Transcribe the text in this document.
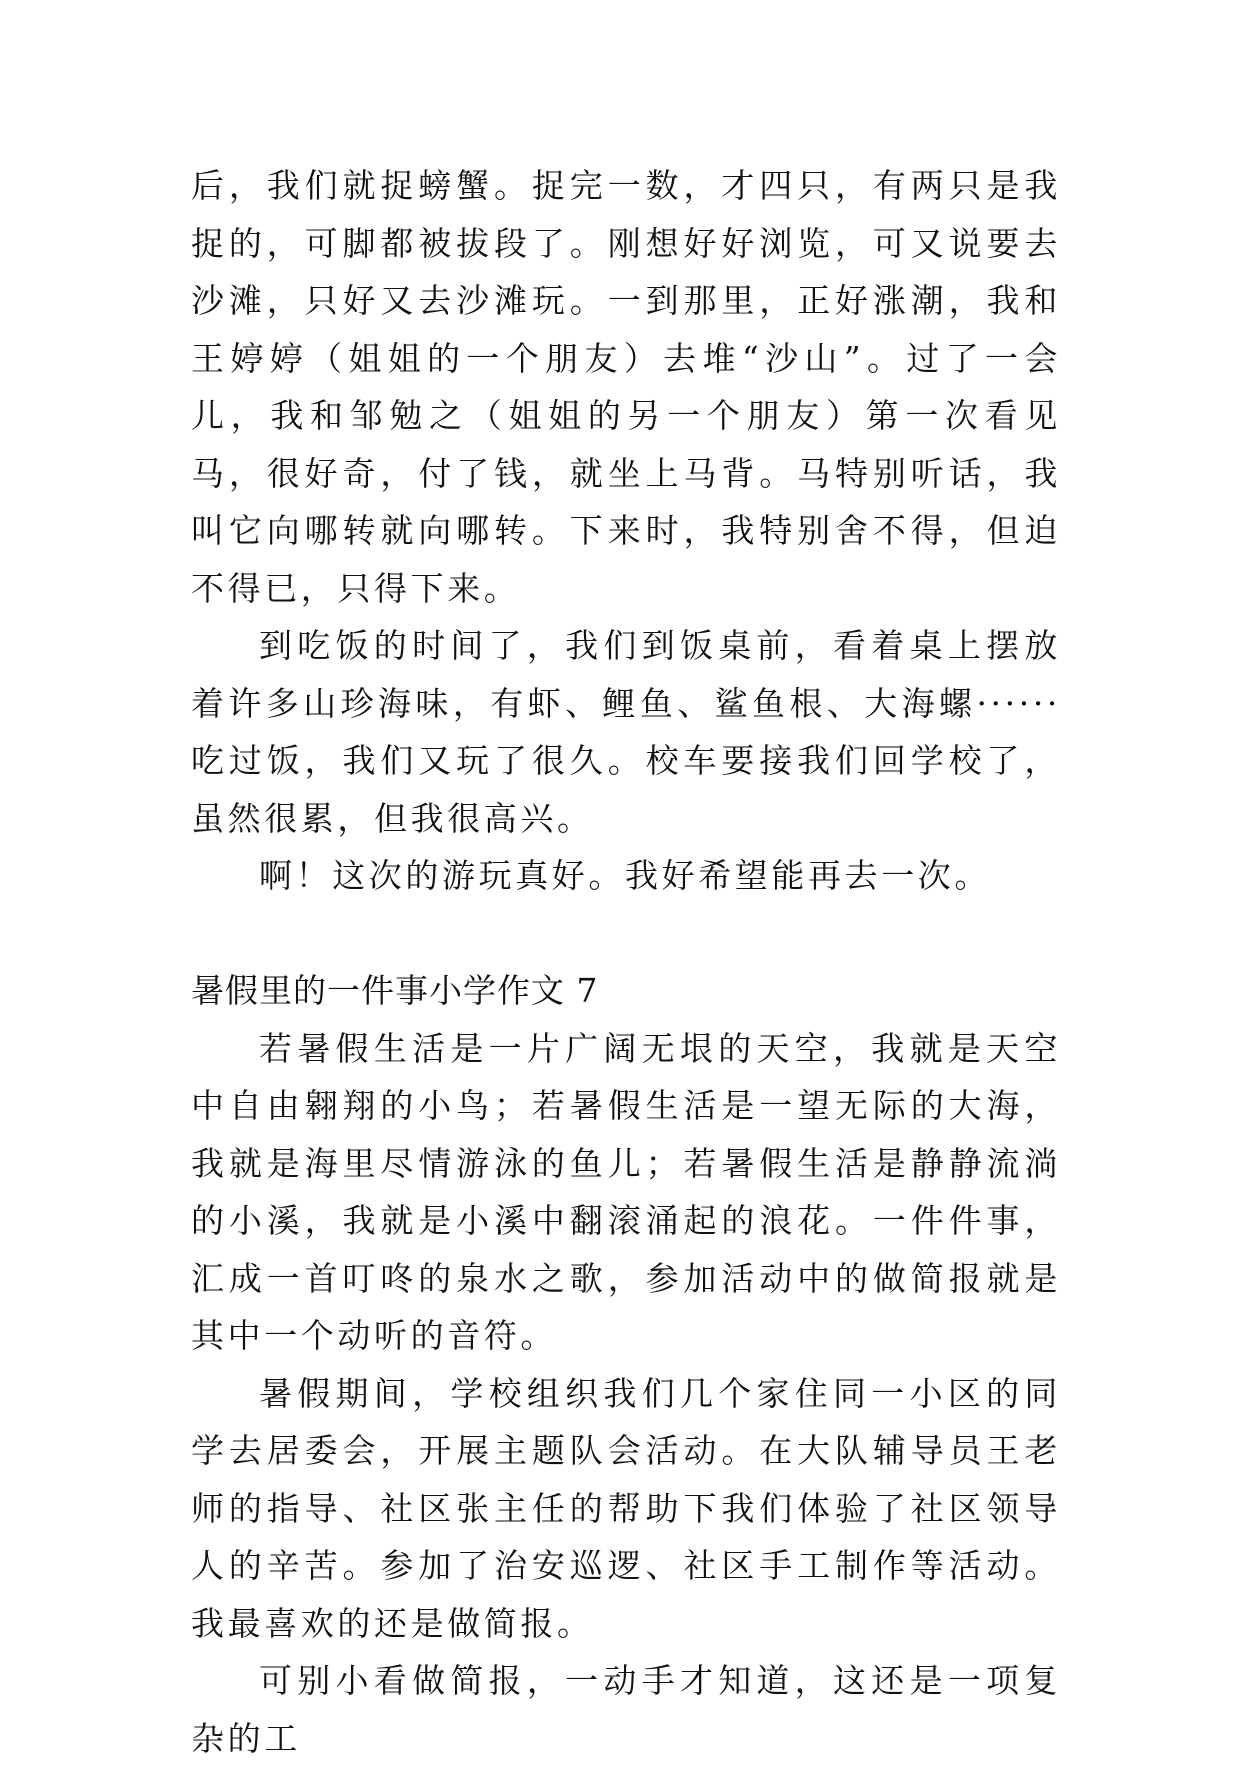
后，我们就捉螃蟹。捉完一数，才四只，有两只是我捉的，可脚都被拔段了。刚想好好浏览，可又说要去沙滩，只好又去沙滩玩。一到那里，正好涨潮，我和王婷婷（姐姐的一个朋友）去堆“沙山”。过了一会儿，我和邹勉之（姐姐的另一个朋友）第一次看见马，很好奇，付了钱，就坐上马背。马特别听话，我叫它向哪转就向哪转。下来时，我特别舍不得，但迫不得已，只得下来。

到吃饭的时间了，我们到饭桌前，看着桌上摆放着许多山珍海味，有虾、鲤鱼、鲨鱼根、大海螺······吃过饭，我们又玩了很久。校车要接我们回学校了，虽然很累，但我很高兴。

啊！这次的游玩真好。我好希望能再去一次。

暑假里的一件事小学作文 7

若暑假生活是一片广阔无垠的天空，我就是天空中自由翱翔的小鸟；若暑假生活是一望无际的大海，我就是海里尽情游泳的鱼儿；若暑假生活是静静流淌的小溪，我就是小溪中翻滚涌起的浪花。一件件事，汇成一首叮咚的泉水之歌，参加活动中的做简报就是其中一个动听的音符。

暑假期间，学校组织我们几个家住同一小区的同学去居委会，开展主题队会活动。在大队辅导员王老师的指导、社区张主任的帮助下我们体验了社区领导人的辛苦。参加了治安巡逻、社区手工制作等活动。我最喜欢的还是做简报。

可别小看做简报，一动手才知道，这还是一项复杂的工
